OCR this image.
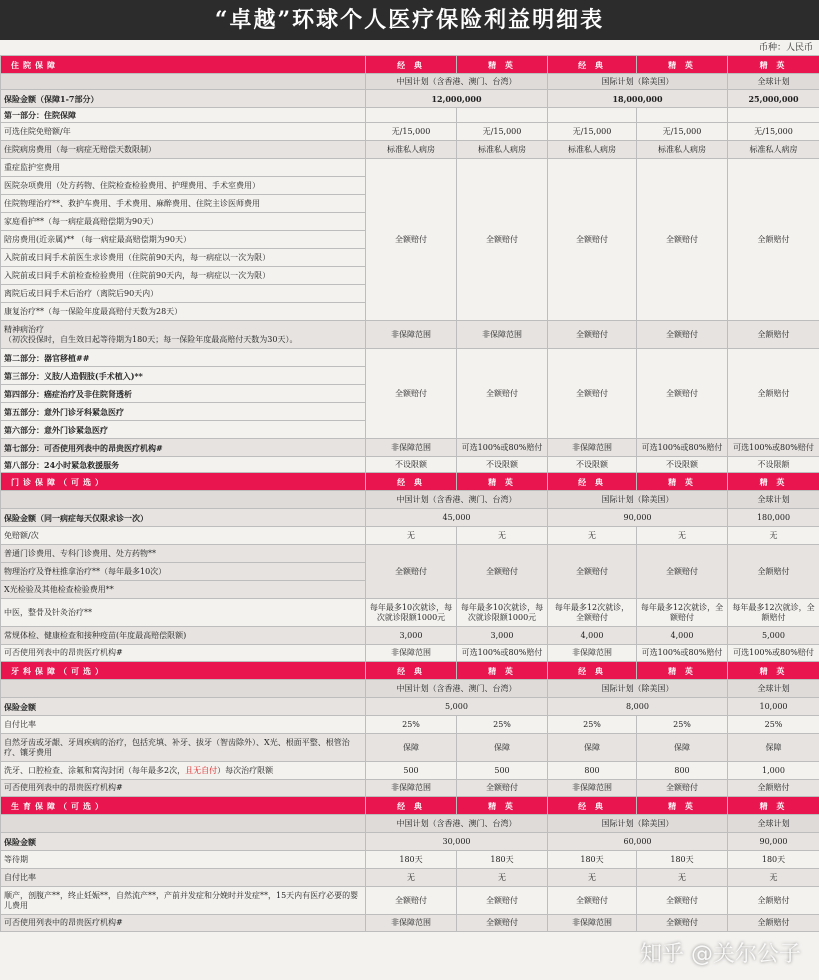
“卓越”环球个人医疗保险利益明细表
币种：人民币
住院保障	经 典	精 英	经 典	精 英	精 英
	中国计划（含香港、澳门、台湾）		国际计划（除美国）		全球计划
保险金额（保障1-7部分）	12,000,000		18,000,000		25,000,000
第一部分：住院保障					
可选住院免赔额/年	无/15,000	无/15,000	无/15,000	无/15,000	无/15,000
住院病房费用（每一病症无赔偿天数限制）	标准私人病房	标准私人病房	标准私人病房	标准私人病房	标准私人病房
重症监护室费用	全额赔付	全额赔付	全额赔付	全额赔付	全额赔付
医院杂项费用（处方药物、住院检查检验费用、护理费用、手术室费用）					
住院物理治疗**、救护车费用、手术费用、麻醉费用、住院主诊医师费用					
家庭看护**（每一病症最高赔偿期为90天）					
陪房费用(近亲属)** （每一病症最高赔偿期为90天）					
入院前或日间手术前医生求诊费用（住院前90天内，每一病症以一次为限）					
入院前或日间手术前检查检验费用（住院前90天内，每一病症以一次为限）					
离院后或日间手术后治疗（离院后90天内）					
康复治疗**（每一保险年度最高赔付天数为28天）					

精神病治疗
（初次投保时，自生效日起等待期为180天；每一保险年度最高赔付天数为30天）。	非保障范围	非保障范围	全额赔付	全额赔付	全额赔付
第二部分：器官移植##	全额赔付	全额赔付	全额赔付	全额赔付	全额赔付
第三部分：义肢/人造假肢(手术植入)**					
第四部分：癌症治疗及非住院肾透析					
第五部分：意外门诊牙科紧急医疗					
第六部分：意外门诊紧急医疗					
第七部分：可否使用列表中的昂贵医疗机构#	非保障范围	可选100%或80%赔付	非保障范围	可选100%或80%赔付	可选100%或80%赔付
第八部分：24小时紧急救援服务	不设限额	不设限额	不设限额	不设限额	不设限额
门诊保障（可选）	经 典	精 英	经 典	精 英	精 英
	中国计划（含香港、澳门、台湾）		国际计划（除美国）		全球计划
保险金额（同一病症每天仅限求诊一次）	45,000		90,000		180,000
免赔额/次	无	无	无	无	无
普通门诊费用、专科门诊费用、处方药物**	全额赔付	全额赔付	全额赔付	全额赔付	全额赔付
物理治疗及脊柱推拿治疗**（每年最多10次）					
X光检验及其他检查检验费用**					
中医，整骨及针灸治疗**	每年最多10次就诊，每次就诊限额1000元	每年最多10次就诊，每次就诊限额1000元	每年最多12次就诊，全额赔付	每年最多12次就诊，全额赔付	每年最多12次就诊，全额赔付
常规体检、健康检查和接种疫苗(年度最高赔偿限额)	3,000	3,000	4,000	4,000	5,000
可否使用列表中的昂贵医疗机构#	非保障范围	可选100%或80%赔付	非保障范围	可选100%或80%赔付	可选100%或80%赔付
牙科保障（可选）	经 典	精 英	经 典	精 英	精 英
	中国计划（含香港、澳门、台湾）		国际计划（除美国）		全球计划
保险金额	5,000		8,000		10,000
自付比率	25%	25%	25%	25%	25%
自然牙齿或牙龈、牙周疾病的治疗，包括充填、补牙、拔牙（智齿除外）、X光、根面平整、根管治疗、镶牙费用	保障	保障	保障	保障	保障
洗牙、口腔检查、涂氟和窝沟封闭（每年最多2次，且无自付）每次治疗限额	500	500	800	800	1,000
可否使用列表中的昂贵医疗机构#	非保障范围	全额赔付	非保障范围	全额赔付	全额赔付
生育保障（可选）	经 典	精 英	经 典	精 英	精 英
	中国计划（含香港、澳门、台湾）		国际计划（除美国）		全球计划
保险金额	30,000		60,000		90,000
等待期	180天	180天	180天	180天	180天
自付比率	无	无	无	无	无
顺产，剖腹产**，终止妊娠**，自然流产**，产前并发症和分娩时并发症**，15天内有医疗必要的婴儿费用	全额赔付	全额赔付	全额赔付	全额赔付	全额赔付
可否使用列表中的昂贵医疗机构#	非保障范围	全额赔付	非保障范围	全额赔付	全额赔付
知乎 @关尔公子
